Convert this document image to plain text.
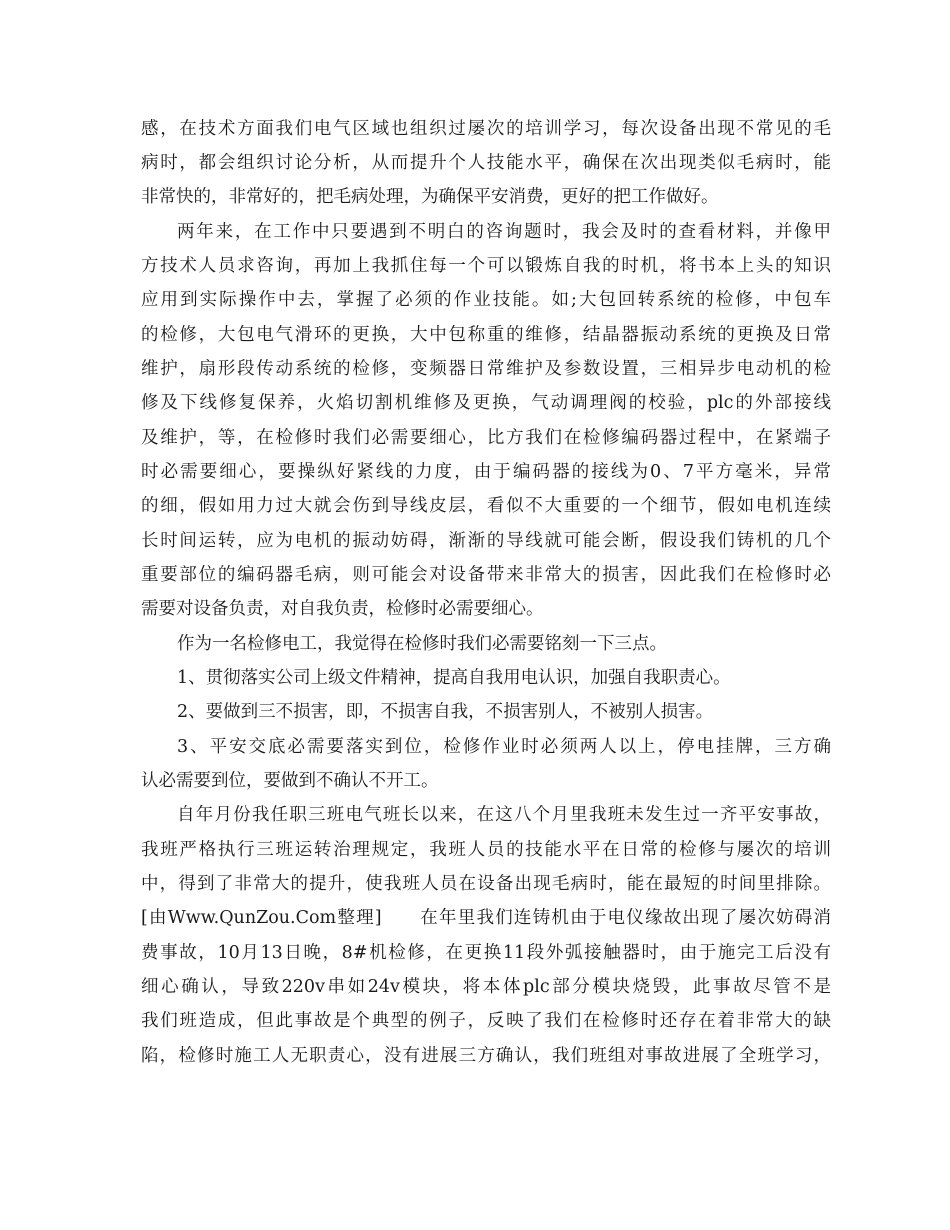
感，在技术方面我们电气区域也组织过屡次的培训学习，每次设备出现不常见的毛
病时，都会组织讨论分析，从而提升个人技能水平，确保在次出现类似毛病时，能
非常快的，非常好的，把毛病处理，为确保平安消费，更好的把工作做好。
两年来，在工作中只要遇到不明白的咨询题时，我会及时的查看材料，并像甲
方技术人员求咨询，再加上我抓住每一个可以锻炼自我的时机，将书本上头的知识
应用到实际操作中去，掌握了必须的作业技能。如;大包回转系统的检修，中包车
的检修，大包电气滑环的更换，大中包称重的维修，结晶器振动系统的更换及日常
维护，扇形段传动系统的检修，变频器日常维护及参数设置，三相异步电动机的检
修及下线修复保养，火焰切割机维修及更换，气动调理阀的校验，plc的外部接线
及维护，等，在检修时我们必需要细心，比方我们在检修编码器过程中，在紧端子
时必需要细心，要操纵好紧线的力度，由于编码器的接线为0、7平方毫米，异常
的细，假如用力过大就会伤到导线皮层，看似不大重要的一个细节，假如电机连续
长时间运转，应为电机的振动妨碍，渐渐的导线就可能会断，假设我们铸机的几个
重要部位的编码器毛病，则可能会对设备带来非常大的损害，因此我们在检修时必
需要对设备负责，对自我负责，检修时必需要细心。
作为一名检修电工，我觉得在检修时我们必需要铭刻一下三点。
1、贯彻落实公司上级文件精神，提高自我用电认识，加强自我职责心。
2、要做到三不损害，即，不损害自我，不损害别人，不被别人损害。
3、平安交底必需要落实到位，检修作业时必须两人以上，停电挂牌，三方确
认必需要到位，要做到不确认不开工。
自年月份我任职三班电气班长以来，在这八个月里我班未发生过一齐平安事故，
我班严格执行三班运转治理规定，我班人员的技能水平在日常的检修与屡次的培训
中，得到了非常大的提升，使我班人员在设备出现毛病时，能在最短的时间里排除。
[由Www.QunZou.Com整理]　　在年里我们连铸机由于电仪缘故出现了屡次妨碍消
费事故，10月13日晚，8#机检修，在更换11段外弧接触器时，由于施完工后没有
细心确认，导致220v串如24v模块，将本体plc部分模块烧毁，此事故尽管不是
我们班造成，但此事故是个典型的例子，反映了我们在检修时还存在着非常大的缺
陷，检修时施工人无职责心，没有进展三方确认，我们班组对事故进展了全班学习，
